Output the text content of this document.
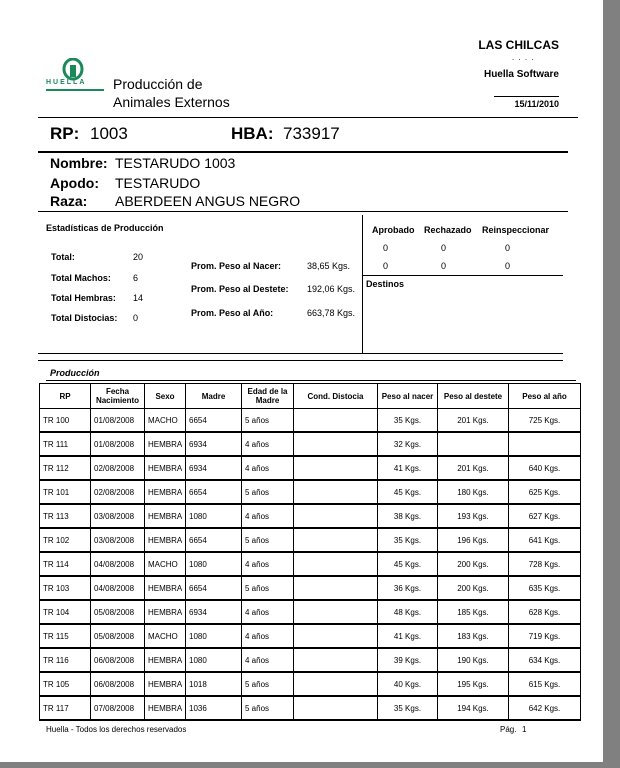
HUELLA Producción de
Animales Externos
LAS CHILCAS
. . . .
Huella Software
15/11/2010
RP: 1003	HBA: 733917
Nombre: TESTARUDO 1003
Apodo: TESTARUDO
Raza: ABERDEEN ANGUS NEGRO
Estadísticas de Producción
Total:	20
Total Machos: 6
Total Hembras: 14
Total Distocias: 0
Prom. Peso al Nacer:	38,65 Kgs.
Prom. Peso al Destete: 192,06 Kgs.
Prom. Peso al Año:	663,78 Kgs.
Aprobado Rechazado Reinspeccionar
0	0	0
0	0	0
Destinos
Producción
RP	Fecha Nacimiento	Sexo	Madre	Edad de la Madre	Cond. Distocia	Peso al nacer	Peso al destete	Peso al año
TR 100	01/08/2008	MACHO	6654	5 años		35 Kgs.	201 Kgs.	725 Kgs.
TR 111	01/08/2008	HEMBRA	6934	4 años		32 Kgs.		
TR 112	02/08/2008	HEMBRA	6934	4 años		41 Kgs.	201 Kgs.	640 Kgs.
TR 101	02/08/2008	HEMBRA	6654	5 años		45 Kgs.	180 Kgs.	625 Kgs.
TR 113	03/08/2008	HEMBRA	1080	4 años		38 Kgs.	193 Kgs.	627 Kgs.
TR 102	03/08/2008	HEMBRA	6654	5 años		35 Kgs.	196 Kgs.	641 Kgs.
TR 114	04/08/2008	MACHO	1080	4 años		45 Kgs.	200 Kgs.	728 Kgs.
TR 103	04/08/2008	HEMBRA	6654	5 años		36 Kgs.	200 Kgs.	635 Kgs.
TR 104	05/08/2008	HEMBRA	6934	4 años		48 Kgs.	185 Kgs.	628 Kgs.
TR 115	05/08/2008	MACHO	1080	4 años		41 Kgs.	183 Kgs.	719 Kgs.
TR 116	06/08/2008	HEMBRA	1080	4 años		39 Kgs.	190 Kgs.	634 Kgs.
TR 105	06/08/2008	HEMBRA	1018	5 años		40 Kgs.	195 Kgs.	615 Kgs.
TR 117	07/08/2008	HEMBRA	1036	5 años		35 Kgs.	194 Kgs.	642 Kgs.
Huella - Todos los derechos reservados	Pág. 1
